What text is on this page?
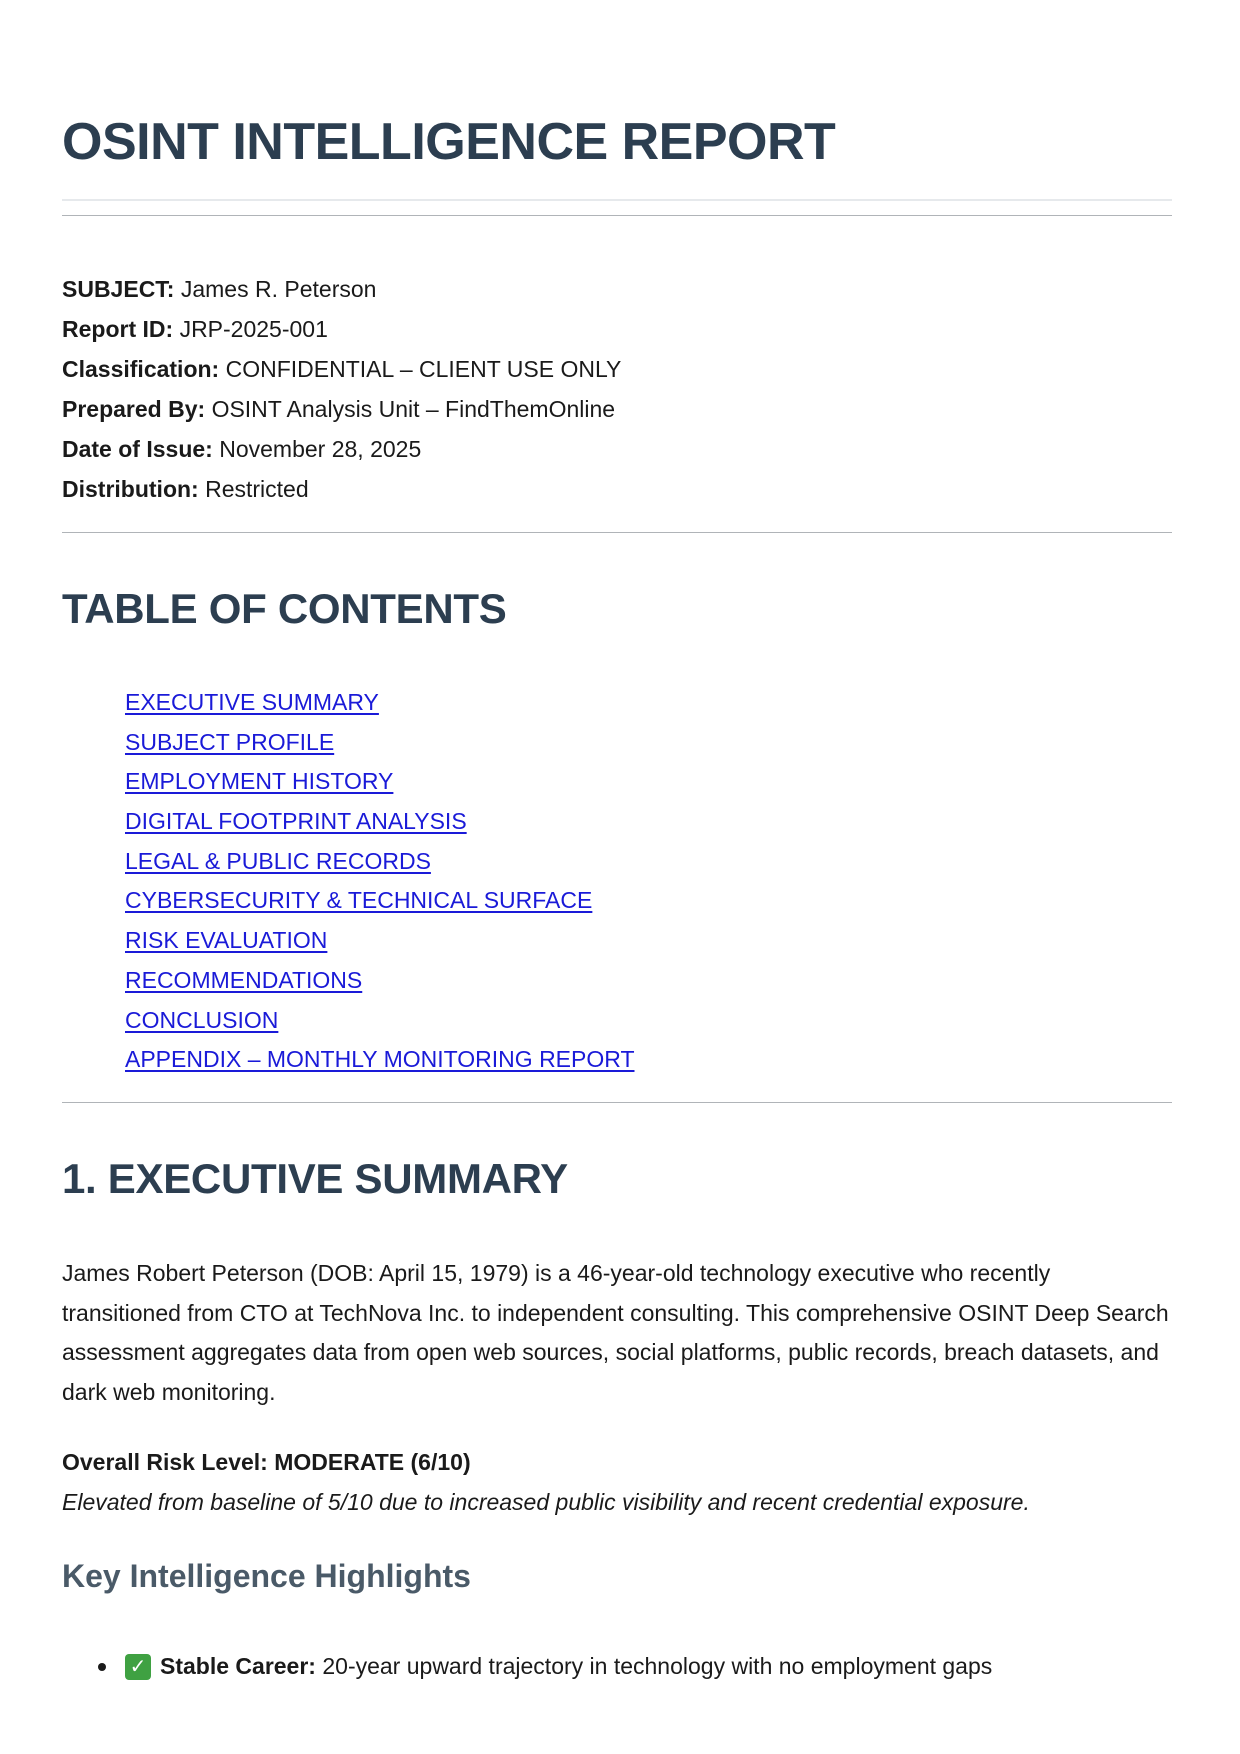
OSINT INTELLIGENCE REPORT
SUBJECT: James R. Peterson
Report ID: JRP-2025-001
Classification: CONFIDENTIAL – CLIENT USE ONLY
Prepared By: OSINT Analysis Unit – FindThemOnline
Date of Issue: November 28, 2025
Distribution: Restricted
TABLE OF CONTENTS
EXECUTIVE SUMMARY
SUBJECT PROFILE
EMPLOYMENT HISTORY
DIGITAL FOOTPRINT ANALYSIS
LEGAL & PUBLIC RECORDS
CYBERSECURITY & TECHNICAL SURFACE
RISK EVALUATION
RECOMMENDATIONS
CONCLUSION
APPENDIX – MONTHLY MONITORING REPORT
1. EXECUTIVE SUMMARY

James Robert Peterson (DOB: April 15, 1979) is a 46-year-old technology executive who recently transitioned from CTO at TechNova Inc. to independent consulting. This comprehensive OSINT Deep Search assessment aggregates data from open web sources, social platforms, public records, breach datasets, and dark web monitoring.

Overall Risk Level: MODERATE (6/10)

Elevated from baseline of 5/10 due to increased public visibility and recent credential exposure.

Key Intelligence Highlights
✓ Stable Career: 20-year upward trajectory in technology with no employment gaps
